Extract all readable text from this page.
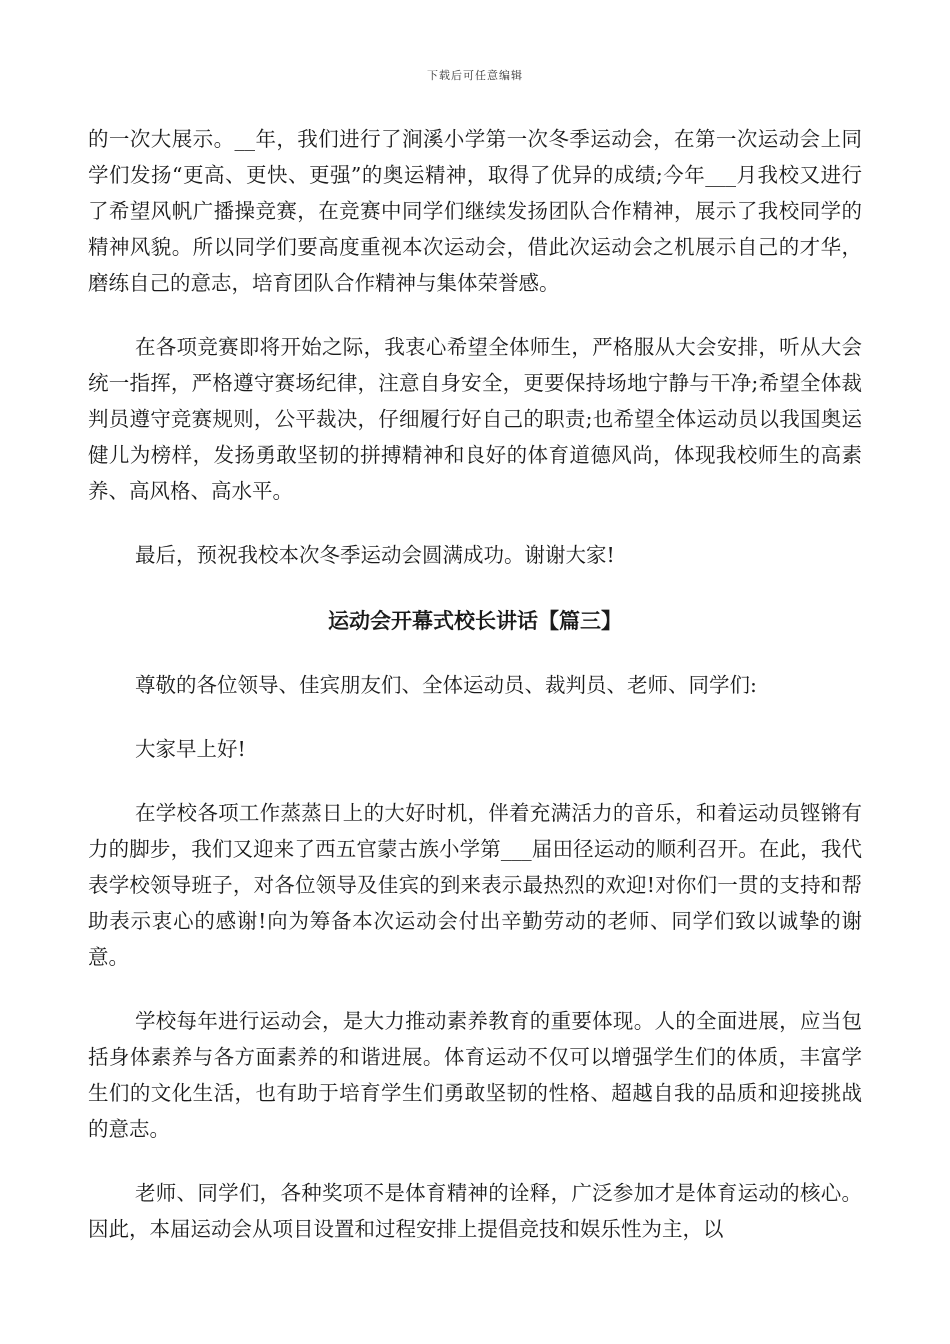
下载后可任意编辑

的一次大展示。__年，我们进行了涧溪小学第一次冬季运动会，在第一次运动会上同学们发扬“更高、更快、更强”的奥运精神，取得了优异的成绩;今年___月我校又进行了希望风帆广播操竞赛，在竞赛中同学们继续发扬团队合作精神，展示了我校同学的精神风貌。所以同学们要高度重视本次运动会，借此次运动会之机展示自己的才华，磨练自己的意志，培育团队合作精神与集体荣誉感。

在各项竞赛即将开始之际，我衷心希望全体师生，严格服从大会安排，听从大会统一指挥，严格遵守赛场纪律，注意自身安全，更要保持场地宁静与干净;希望全体裁判员遵守竞赛规则，公平裁决，仔细履行好自己的职责;也希望全体运动员以我国奥运健儿为榜样，发扬勇敢坚韧的拼搏精神和良好的体育道德风尚，体现我校师生的高素养、高风格、高水平。

最后，预祝我校本次冬季运动会圆满成功。谢谢大家!

运动会开幕式校长讲话【篇三】

尊敬的各位领导、佳宾朋友们、全体运动员、裁判员、老师、同学们:

大家早上好!

在学校各项工作蒸蒸日上的大好时机，伴着充满活力的音乐，和着运动员铿锵有力的脚步，我们又迎来了西五官蒙古族小学第___届田径运动的顺利召开。在此，我代表学校领导班子，对各位领导及佳宾的到来表示最热烈的欢迎!对你们一贯的支持和帮助表示衷心的感谢!向为筹备本次运动会付出辛勤劳动的老师、同学们致以诚挚的谢意。

学校每年进行运动会，是大力推动素养教育的重要体现。人的全面进展，应当包括身体素养与各方面素养的和谐进展。体育运动不仅可以增强学生们的体质，丰富学生们的文化生活，也有助于培育学生们勇敢坚韧的性格、超越自我的品质和迎接挑战的意志。

老师、同学们，各种奖项不是体育精神的诠释，广泛参加才是体育运动的核心。因此，本届运动会从项目设置和过程安排上提倡竞技和娱乐性为主，以
